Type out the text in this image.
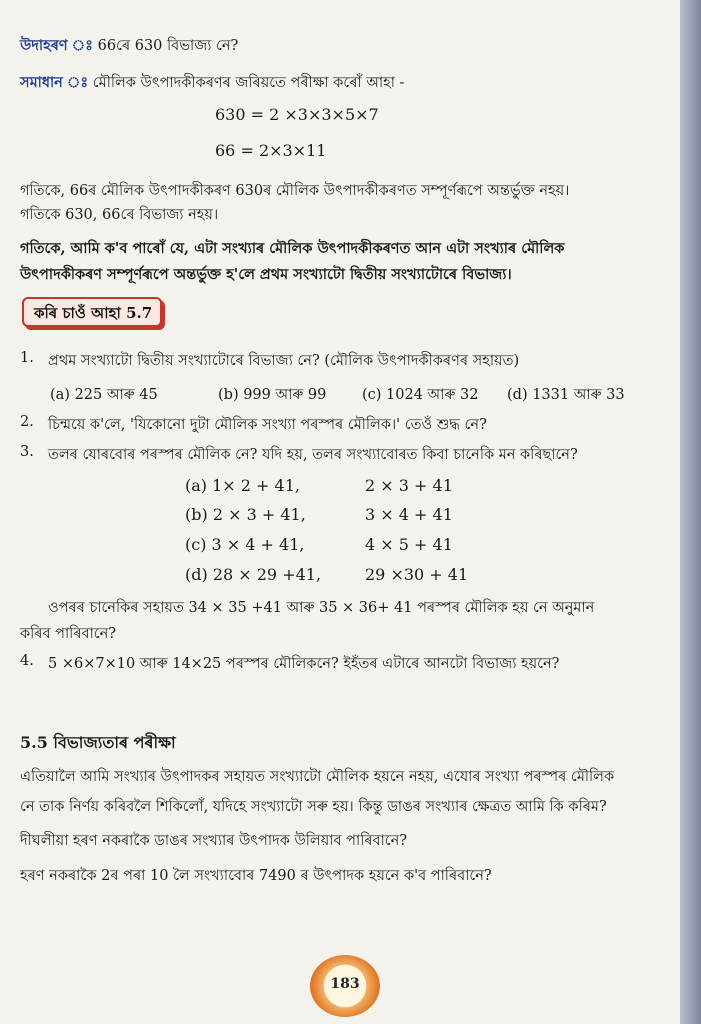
উদাহৰণ ঃ 66ৰে 630 বিভাজ্য নে?
সমাধান ঃ মৌলিক উৎপাদকীকৰণৰ জৰিয়তে পৰীক্ষা কৰোঁ আহা -
630 = 2 ×3×3×5×7
66 = 2×3×11
গতিকে, 66ৰ মৌলিক উৎপাদকীকৰণ 630ৰ মৌলিক উৎপাদকীকৰণত সম্পূৰ্ণৰূপে অন্তৰ্ভুক্ত নহয়।
গতিকে 630, 66ৰে বিভাজ্য নহয়।
গতিকে, আমি ক'ব পাৰোঁ যে, এটা সংখ্যাৰ মৌলিক উৎপাদকীকৰণত আন এটা সংখ্যাৰ মৌলিক
উৎপাদকীকৰণ সম্পূৰ্ণৰূপে অন্তৰ্ভুক্ত হ'লে প্ৰথম সংখ্যাটো দ্বিতীয় সংখ্যাটোৰে বিভাজ্য।
কৰি চাওঁ আহা 5.7
1. প্ৰথম সংখ্যাটো দ্বিতীয় সংখ্যাটোৰে বিভাজ্য নে? (মৌলিক উৎপাদকীকৰণৰ সহায়ত)
(a) 225 আৰু 45	(b) 999 আৰু 99 (c) 1024 আৰু 32 (d) 1331 আৰু 33
2. চিন্ময়ে ক'লে, 'যিকোনো দুটা মৌলিক সংখ্যা পৰস্পৰ মৌলিক।' তেওঁ শুদ্ধ নে?
3. তলৰ যোৰবোৰ পৰস্পৰ মৌলিক নে? যদি হয়, তলৰ সংখ্যাবোৰত কিবা চানেকি মন কৰিছানে?
(a) 1× 2 + 41,	2 × 3 + 41
(b) 2 × 3 + 41,	3 × 4 + 41
(c) 3 × 4 + 41,	4 × 5 + 41
(d) 28 × 29 +41,	29 ×30 + 41
ওপৰৰ চানেকিৰ সহায়ত 34 × 35 +41 আৰু 35 × 36+ 41 পৰস্পৰ মৌলিক হয় নে অনুমান
কৰিব পাৰিবানে?
4. 5 ×6×7×10 আৰু 14×25 পৰস্পৰ মৌলিকনে? ইহঁতৰ এটাৰে আনটো বিভাজ্য হয়নে?
5.5 বিভাজ্যতাৰ পৰীক্ষা
এতিয়ালৈ আমি সংখ্যাৰ উৎপাদকৰ সহায়ত সংখ্যাটো মৌলিক হয়নে নহয়, এযোৰ সংখ্যা পৰস্পৰ মৌলিক
নে তাক নিৰ্ণয় কৰিবলৈ শিকিলোঁ, যদিহে সংখ্যাটো সৰু হয়। কিন্তু ডাঙৰ সংখ্যাৰ ক্ষেত্ৰত আমি কি কৰিম?
দীঘলীয়া হৰণ নকৰাকৈ ডাঙৰ সংখ্যাৰ উৎপাদক উলিয়াব পাৰিবানে?
হৰণ নকৰাকৈ 2ৰ পৰা 10 লৈ সংখ্যাবোৰ 7490 ৰ উৎপাদক হয়নে ক'ব পাৰিবানে?
183
